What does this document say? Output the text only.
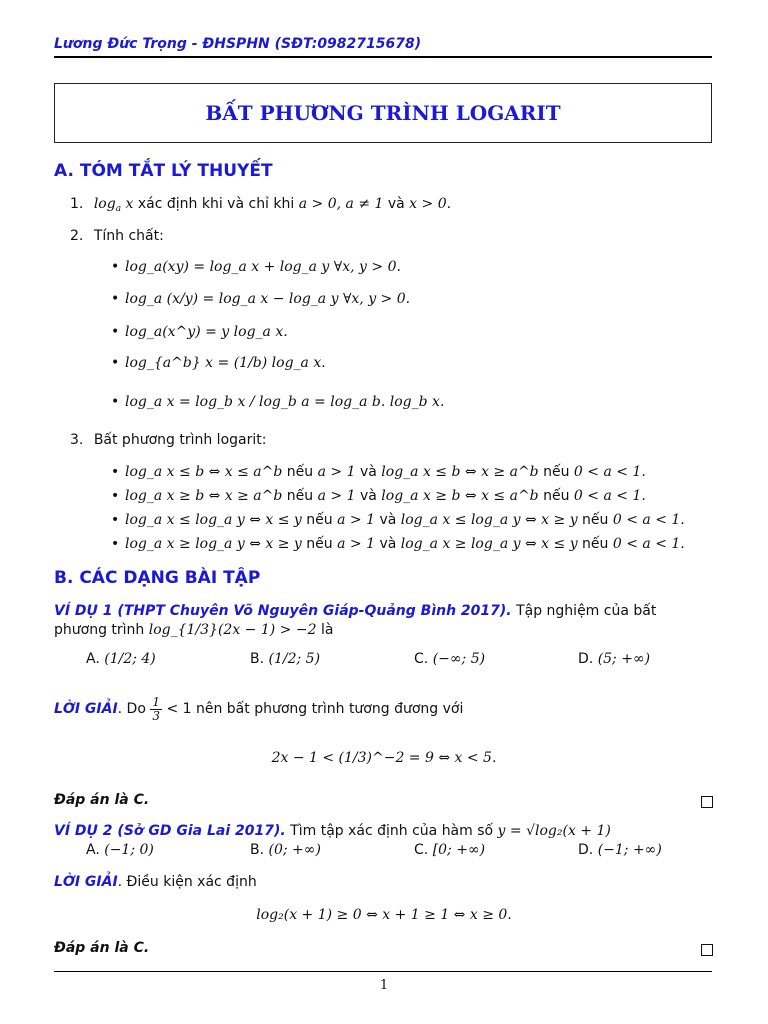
Lương Đức Trọng - ĐHSPHN (SĐT:0982715678)
BẤT PHƯƠNG TRÌNH LOGARIT
A. TÓM TẮT LÝ THUYẾT
1. $\log_a x$ xác định khi và chỉ khi a > 0, a ≠ 1 và x > 0.
2. Tính chất:
• log_a(xy) = log_a x + log_a y ∀x, y > 0.
• log_a (x/y) = log_a x − log_a y ∀x, y > 0.
• log_a(x^y) = y log_a x.
• log_{a^b} x = (1/b) log_a x.
• log_a x = log_b x / log_b a = log_a b. log_b x.
3. Bất phương trình logarit:
• log_a x ≤ b ⇔ x ≤ a^b nếu a > 1 và log_a x ≤ b ⇔ x ≥ a^b nếu 0 < a < 1.
• log_a x ≥ b ⇔ x ≥ a^b nếu a > 1 và log_a x ≥ b ⇔ x ≤ a^b nếu 0 < a < 1.
• log_a x ≤ log_a y ⇔ x ≤ y nếu a > 1 và log_a x ≤ log_a y ⇔ x ≥ y nếu 0 < a < 1.
• log_a x ≥ log_a y ⇔ x ≥ y nếu a > 1 và log_a x ≥ log_a y ⇔ x ≤ y nếu 0 < a < 1.
B. CÁC DẠNG BÀI TẬP
VÍ DỤ 1 (THPT Chuyên Võ Nguyên Giáp-Quảng Bình 2017). Tập nghiệm của bất
phương trình log_{1/3}(2x − 1) > −2 là
A. (1/2; 4)	B. (1/2; 5)	C. (−∞; 5)	D. (5; +∞)
LỜI GIẢI. Do $\frac{1}{3} < 1$ nên bất phương trình tương đương với
2x − 1 < (1/3)^−2 = 9 ⇔ x < 5.
Đáp án là C.
VÍ DỤ 2 (Sở GD Gia Lai 2017). Tìm tập xác định của hàm số y = √log₂(x + 1)
A. (−1; 0)	B. (0; +∞)	C. [0; +∞)	D. (−1; +∞)
LỜI GIẢI. Điều kiện xác định
log₂(x + 1) ≥ 0 ⇔ x + 1 ≥ 1 ⇔ x ≥ 0.
Đáp án là C.
1
